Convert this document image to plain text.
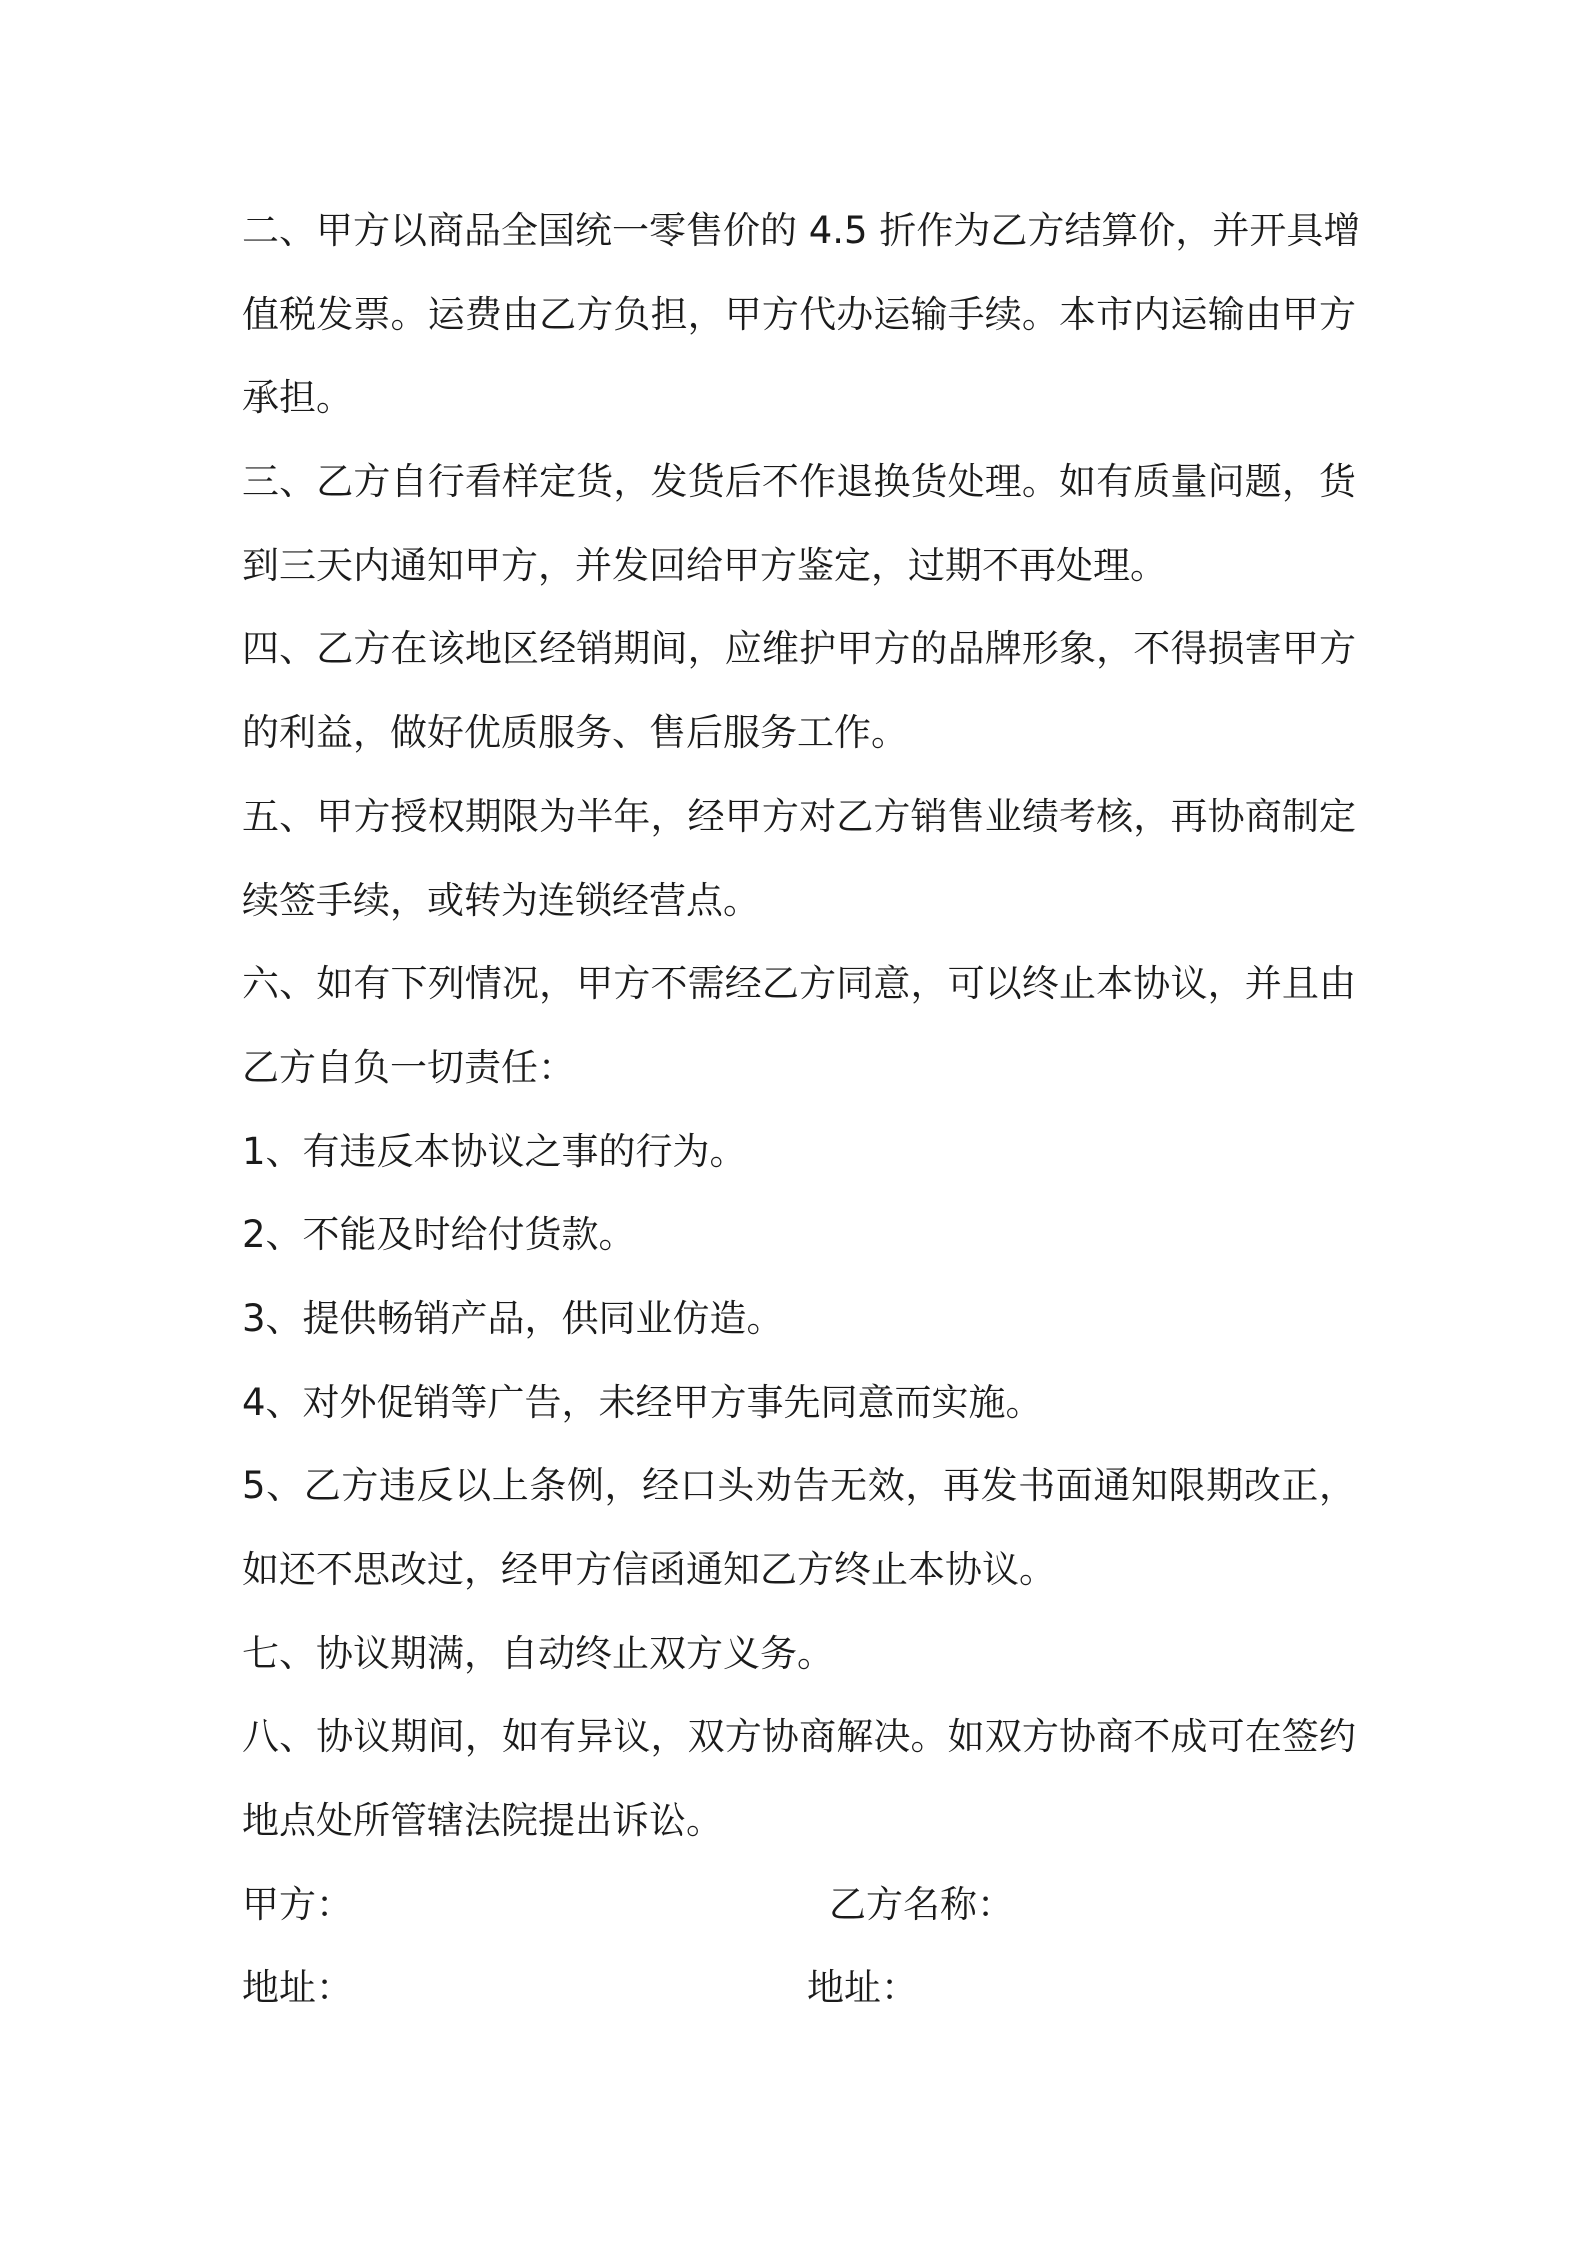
二、甲方以商品全国统一零售价的 4.5 折作为乙方结算价，并开具增
值税发票。运费由乙方负担，甲方代办运输手续。本市内运输由甲方
承担。
三、乙方自行看样定货，发货后不作退换货处理。如有质量问题，货
到三天内通知甲方，并发回给甲方鉴定，过期不再处理。
四、乙方在该地区经销期间，应维护甲方的品牌形象，不得损害甲方
的利益，做好优质服务、售后服务工作。
五、甲方授权期限为半年，经甲方对乙方销售业绩考核，再协商制定
续签手续，或转为连锁经营点。
六、如有下列情况，甲方不需经乙方同意，可以终止本协议，并且由
乙方自负一切责任：
1、有违反本协议之事的行为。
2、不能及时给付货款。
3、提供畅销产品，供同业仿造。
4、对外促销等广告，未经甲方事先同意而实施。
5、乙方违反以上条例，经口头劝告无效，再发书面通知限期改正，
如还不思改过，经甲方信函通知乙方终止本协议。
七、协议期满，自动终止双方义务。
八、协议期间，如有异议，双方协商解决。如双方协商不成可在签约
地点处所管辖法院提出诉讼。
甲方：	乙方名称：
地址：	地址：
